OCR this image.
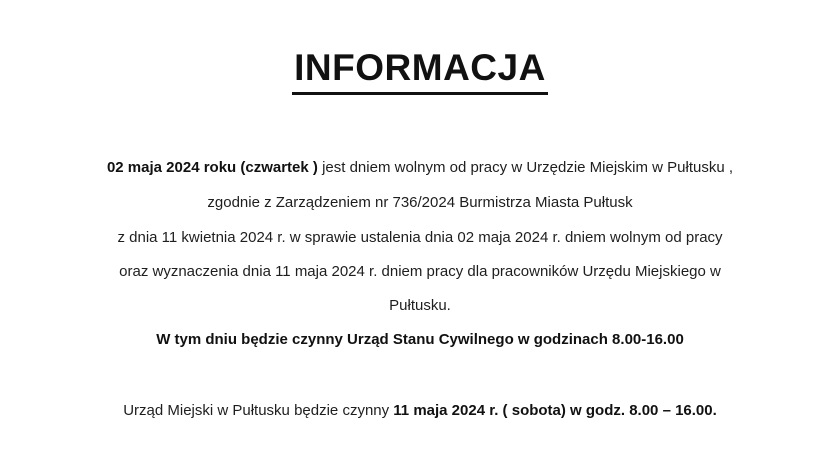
INFORMACJA
02 maja 2024 roku (czwartek ) jest dniem wolnym od pracy w Urzędzie Miejskim w Pułtusku ,
zgodnie z Zarządzeniem nr 736/2024 Burmistrza Miasta Pułtusk
z dnia 11 kwietnia 2024 r. w sprawie ustalenia dnia 02 maja 2024 r. dniem wolnym od pracy
oraz wyznaczenia dnia 11 maja 2024 r. dniem pracy dla pracowników Urzędu Miejskiego w
Pułtusku.
W tym dniu będzie czynny Urząd Stanu Cywilnego w godzinach 8.00-16.00
Urząd Miejski w Pułtusku będzie czynny 11 maja 2024 r. ( sobota) w godz. 8.00 – 16.00.
